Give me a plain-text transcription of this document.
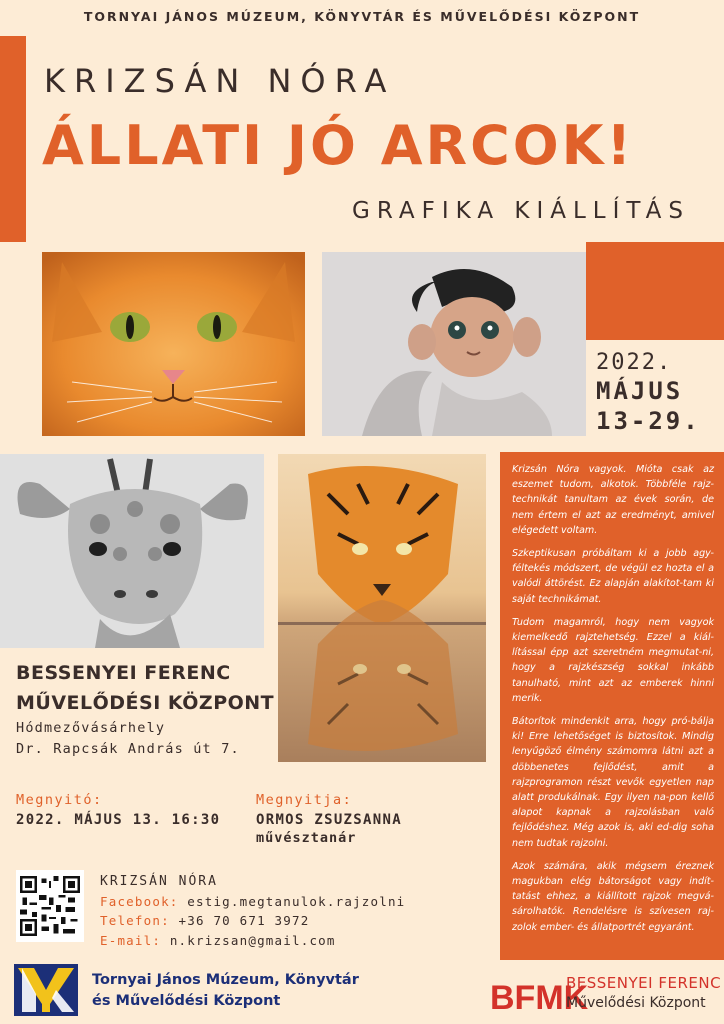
TORNYAI JÁNOS MÚZEUM, KÖNYVTÁR ÉS MŰVELŐDÉSI KÖZPONT
KRIZSÁN NÓRA
ÁLLATI JÓ ARCOK!
GRAFIKA KIÁLLÍTÁS
2022.
MÁJUS
13-29.

Krizsán Nóra vagyok. Mióta csak az eszemet tudom, alkotok. Többféle rajz-technikát tanultam az évek során, de nem értem el azt az eredményt, amivel elégedett voltam.

Szkeptikusan próbáltam ki a jobb agy-féltekés módszert, de végül ez hozta el a valódi áttörést. Ez alapján alakítot-tam ki saját technikámat.

Tudom magamról, hogy nem vagyok kiemelkedő rajztehetség. Ezzel a kiál-lítással épp azt szeretném megmutat-ni, hogy a rajzkészség sokkal inkább tanulható, mint azt az emberek hinni merik.

Bátorítok mindenkit arra, hogy pró-bálja ki! Erre lehetőséget is biztosítok. Mindig lenyűgöző élmény számomra látni azt a döbbenetes fejlődést, amit a rajzprogramon részt vevők egyetlen nap alatt produkálnak. Egy ilyen na-pon kellő alapot kapnak a rajzolásban való fejlődéshez. Még azok is, aki ed-dig soha nem tudtak rajzolni.

Azok számára, akik mégsem éreznek magukban elég bátorságot vagy indít-tatást ehhez, a kiállított rajzok megvá-sárolhatók. Rendelésre is szívesen raj-zolok ember- és állatportrét egyaránt.

BESSENYEI FERENC
MŰVELŐDÉSI KÖZPONT
Hódmezővásárhely
Dr. Rapcsák András út 7.
Megnyitó:
2022. MÁJUS 13. 16:30
Megnyitja:
ORMOS ZSUZSANNA
művésztanár
KRIZSÁN NÓRA
Facebook: estig.megtanulok.rajzolni
Telefon: +36 70 671 3972
E-mail: n.krizsan@gmail.com
Tornyai János Múzeum, Könyvtár
és Művelődési Központ	BFMK
BESSENYEI FERENC
Művelődési Központ
